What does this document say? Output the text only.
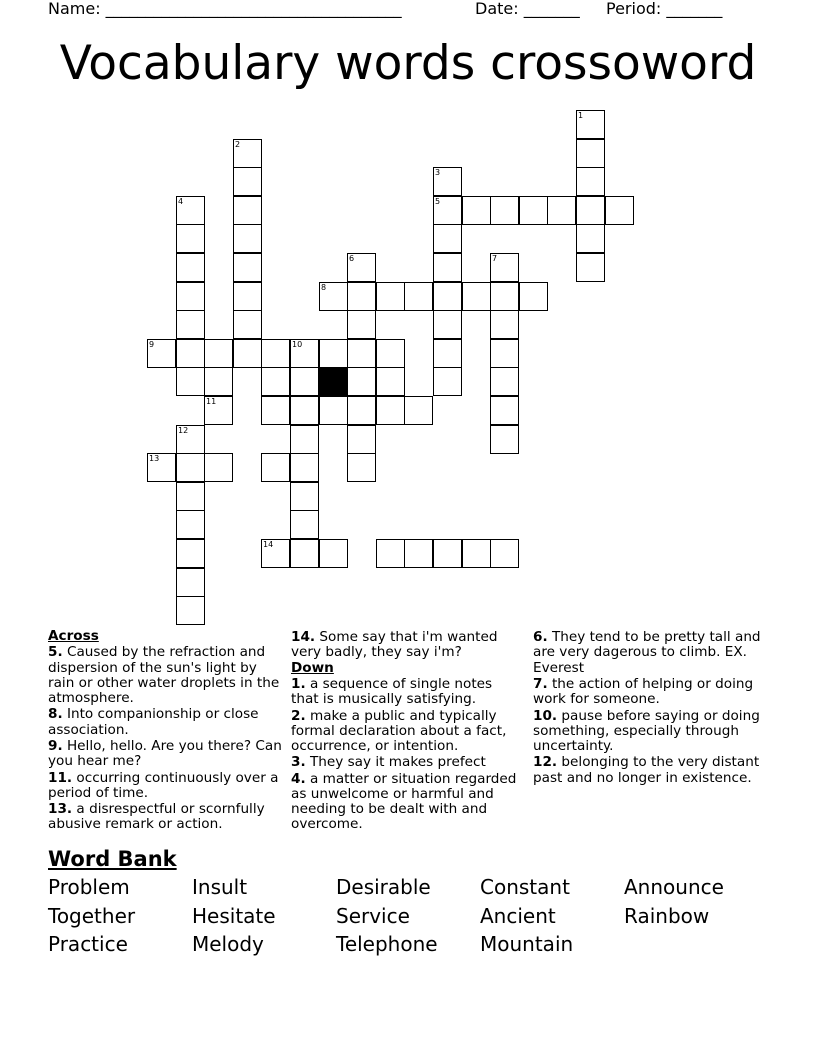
Name: _____________________________________	Date: _______ Period: _______
Vocabulary words crossoword
1
2
3
5
4
6	7
8
9	10
11
12
13
14
Across
5. Caused by the refraction and dispersion of the sun's light by rain or other water droplets in the atmosphere.
8. Into companionship or close association.
9. Hello, hello. Are you there? Can you hear me?
11. occurring continuously over a period of time.
13. a disrespectful or scornfully abusive remark or action.
14. Some say that i'm wanted very badly, they say i'm?
Down
1. a sequence of single notes that is musically satisfying.
2. make a public and typically formal declaration about a fact, occurrence, or intention.
3. They say it makes prefect
4. a matter or situation regarded as unwelcome or harmful and needing to be dealt with and overcome.
6. They tend to be pretty tall and are very dagerous to climb. EX. Everest
7. the action of helping or doing work for someone.
10. pause before saying or doing something, especially through uncertainty.
12. belonging to the very distant past and no longer in existence.
Word Bank
Problem	Insult	Desirable Constant	Announce
Together	Hesitate	Service	Ancient	Rainbow
Practice	Melody	Telephone Mountain
